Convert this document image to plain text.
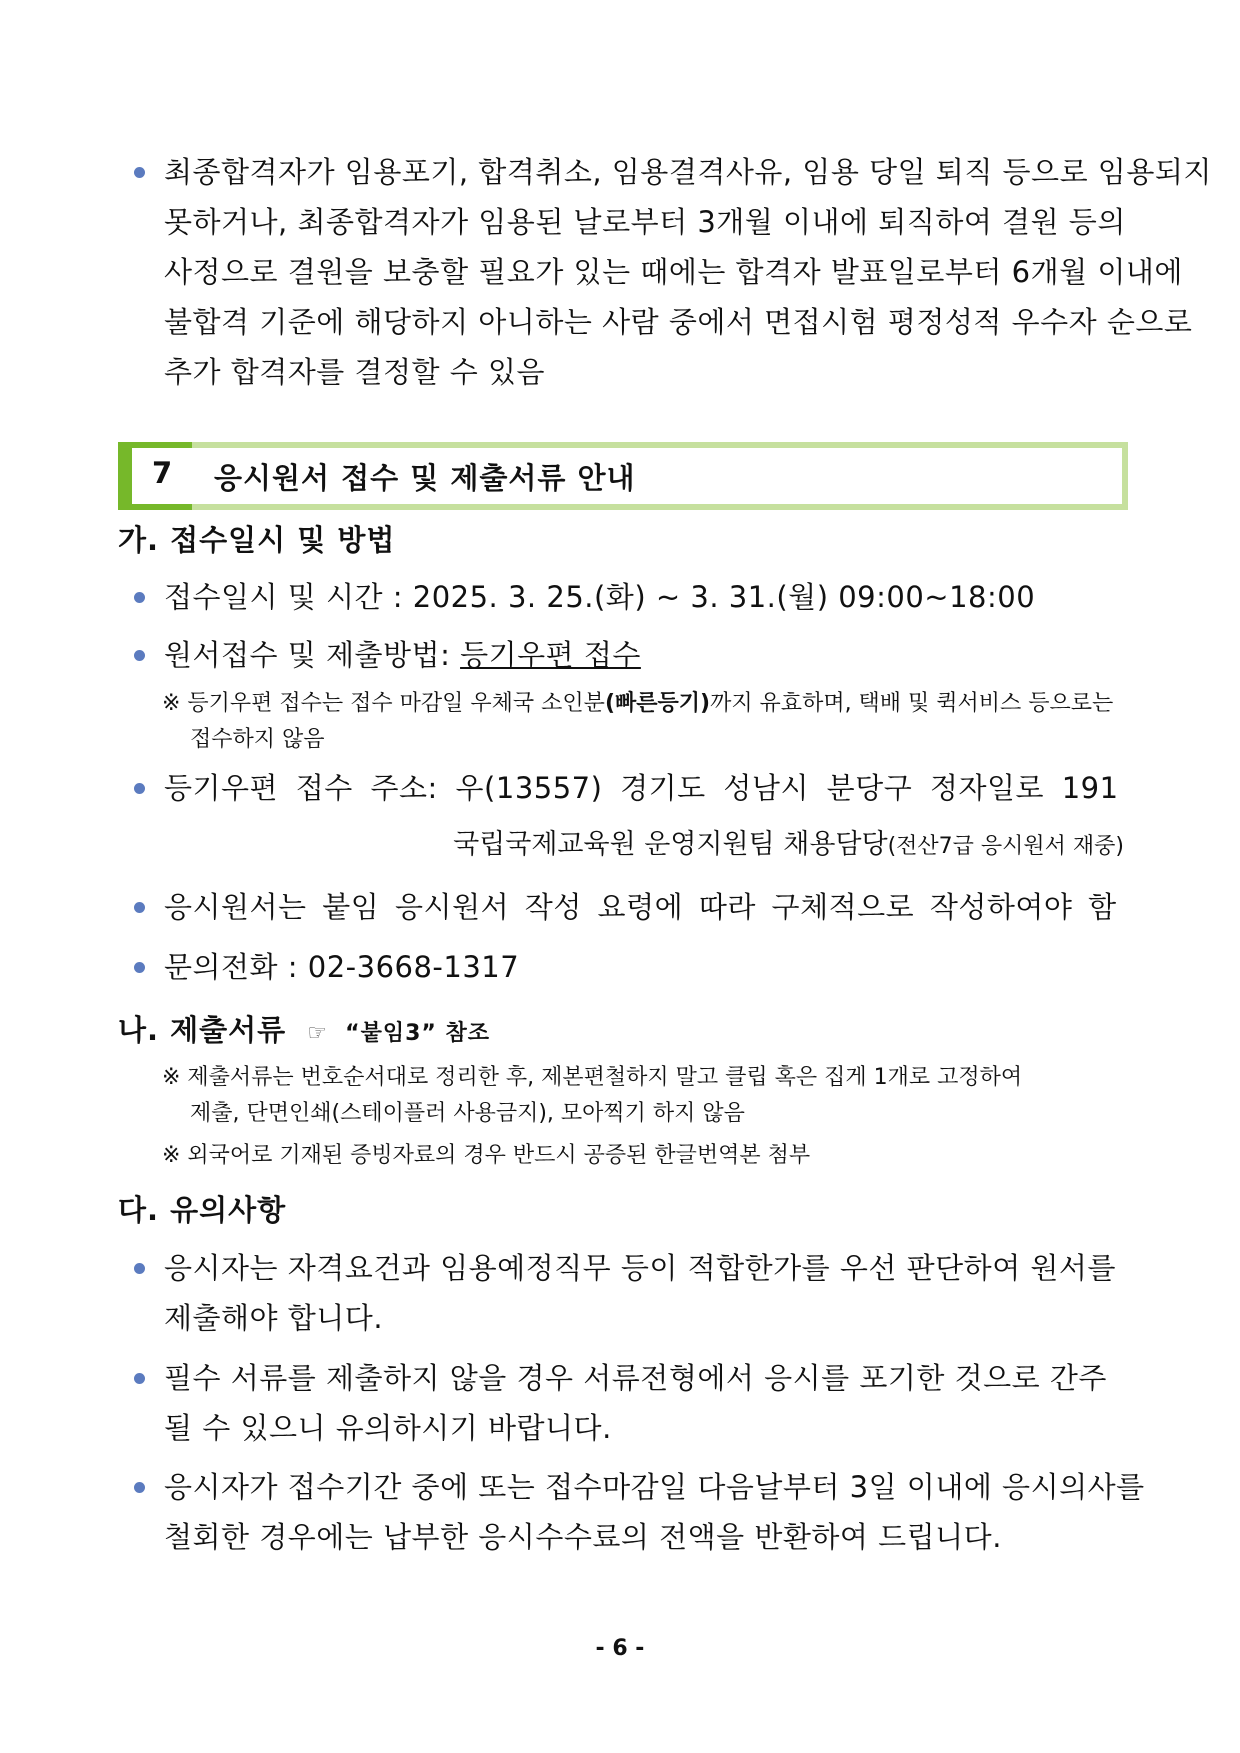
최종합격자가 임용포기, 합격취소, 임용결격사유, 임용 당일 퇴직 등으로 임용되지
못하거나, 최종합격자가 임용된 날로부터 3개월 이내에 퇴직하여 결원 등의
사정으로 결원을 보충할 필요가 있는 때에는 합격자 발표일로부터 6개월 이내에
불합격 기준에 해당하지 아니하는 사람 중에서 면접시험 평정성적 우수자 순으로
추가 합격자를 결정할 수 있음
7 응시원서 접수 및 제출서류 안내
가. 접수일시 및 방법
접수일시 및 시간 : 2025. 3. 25.(화) ~ 3. 31.(월) 09:00~18:00
원서접수 및 제출방법: 등기우편 접수
※ 등기우편 접수는 접수 마감일 우체국 소인분(빠른등기)까지 유효하며, 택배 및 퀵서비스 등으로는
접수하지 않음
등기우편 접수 주소: 우(13557) 경기도 성남시 분당구 정자일로 191
국립국제교육원 운영지원팀 채용담당(전산7급 응시원서 재중)
응시원서는 붙임 응시원서 작성 요령에 따라 구체적으로 작성하여야 함
문의전화 : 02-3668-1317
나. 제출서류 ☞ “붙임3” 참조
※ 제출서류는 번호순서대로 정리한 후, 제본편철하지 말고 클립 혹은 집게 1개로 고정하여
제출, 단면인쇄(스테이플러 사용금지), 모아찍기 하지 않음
※ 외국어로 기재된 증빙자료의 경우 반드시 공증된 한글번역본 첨부
다. 유의사항
응시자는 자격요건과 임용예정직무 등이 적합한가를 우선 판단하여 원서를
제출해야 합니다.
필수 서류를 제출하지 않을 경우 서류전형에서 응시를 포기한 것으로 간주
될 수 있으니 유의하시기 바랍니다.
응시자가 접수기간 중에 또는 접수마감일 다음날부터 3일 이내에 응시의사를
철회한 경우에는 납부한 응시수수료의 전액을 반환하여 드립니다.
- 6 -
